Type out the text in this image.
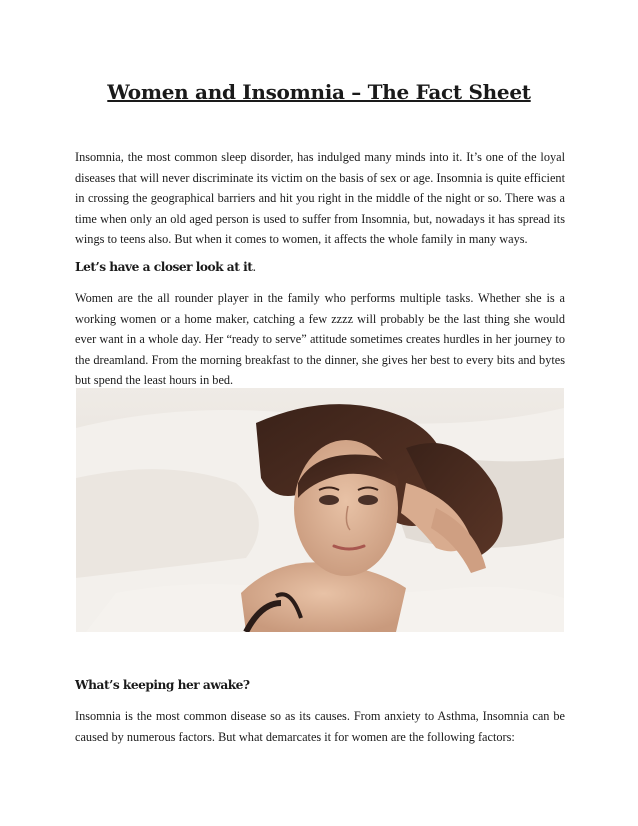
Women and Insomnia – The Fact Sheet

Insomnia, the most common sleep disorder, has indulged many minds into it. It’s one of the loyal diseases that will never discriminate its victim on the basis of sex or age. Insomnia is quite efficient in crossing the geographical barriers and hit you right in the middle of the night or so. There was a time when only an old aged person is used to suffer from Insomnia, but, nowadays it has spread its wings to teens also. But when it comes to women, it affects the whole family in many ways.

Let’s have a closer look at it.

Women are the all rounder player in the family who performs multiple tasks. Whether she is a working women or a home maker, catching a few zzzz will probably be the last thing she would ever want in a whole day. Her “ready to serve” attitude sometimes creates hurdles in her journey to the dreamland. From the morning breakfast to the dinner, she gives her best to every bits and bytes but spend the least hours in bed.

What’s keeping her awake?

Insomnia is the most common disease so as its causes. From anxiety to Asthma, Insomnia can be caused by numerous factors. But what demarcates it for women are the following factors:
